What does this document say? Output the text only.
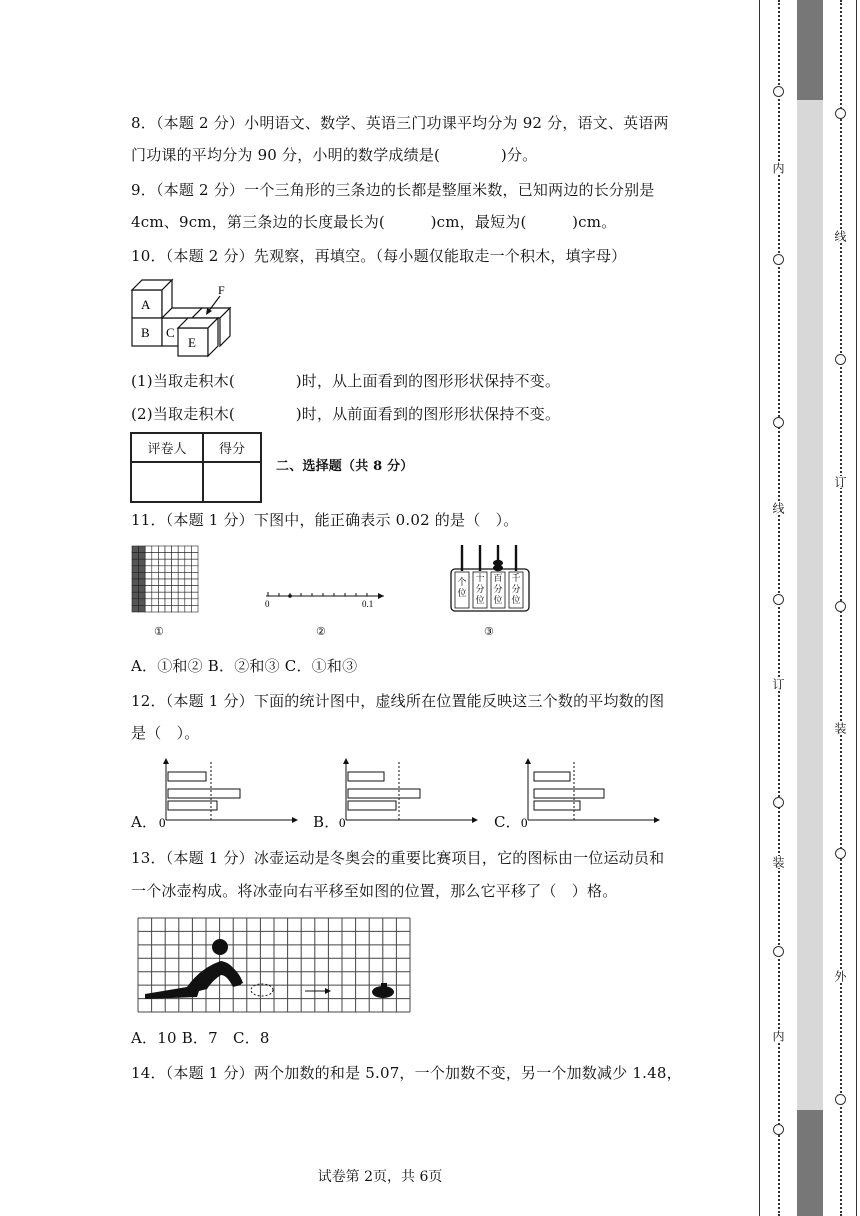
8．（本题 2 分）小明语文、数学、英语三门功课平均分为 92 分，语文、英语两
门功课的平均分为 90 分，小明的数学成绩是(　　　　)分。
9．（本题 2 分）一个三角形的三条边的长都是整厘米数，已知两边的长分别是
4cm、9cm，第三条边的长度最长为(　　　)cm，最短为(　　　)cm。
10．（本题 2 分）先观察，再填空。（每小题仅能取走一个积木，填字母）
A
B C
E
F
(1)当取走积木(　　　　)时，从上面看到的图形形状保持不变。
(2)当取走积木(　　　　)时，从前面看到的图形形状保持不变。
评卷人	得分

二、选择题（共 8 分）
11．（本题 1 分）下图中，能正确表示 0.02 的是（　）。
①
0	0.1
②
个
位
十
分
位
百
分
位
千
分
位
③
A．①和② B．②和③ C．①和③
12．（本题 1 分）下面的统计图中，虚线所在位置能反映这三个数的平均数的图
是（　）。
A． 0	B． 0	C． 0
13．（本题 1 分）冰壶运动是冬奥会的重要比赛项目，它的图标由一位运动员和
一个冰壶构成。将冰壶向右平移至如图的位置，那么它平移了（　）格。
A．10 B．7　C．8
14．（本题 1 分）两个加数的和是 5.07，一个加数不变，另一个加数减少 1.48，
试卷第 2页，共 6页
内
线
订
装
内
线
订
装
外
